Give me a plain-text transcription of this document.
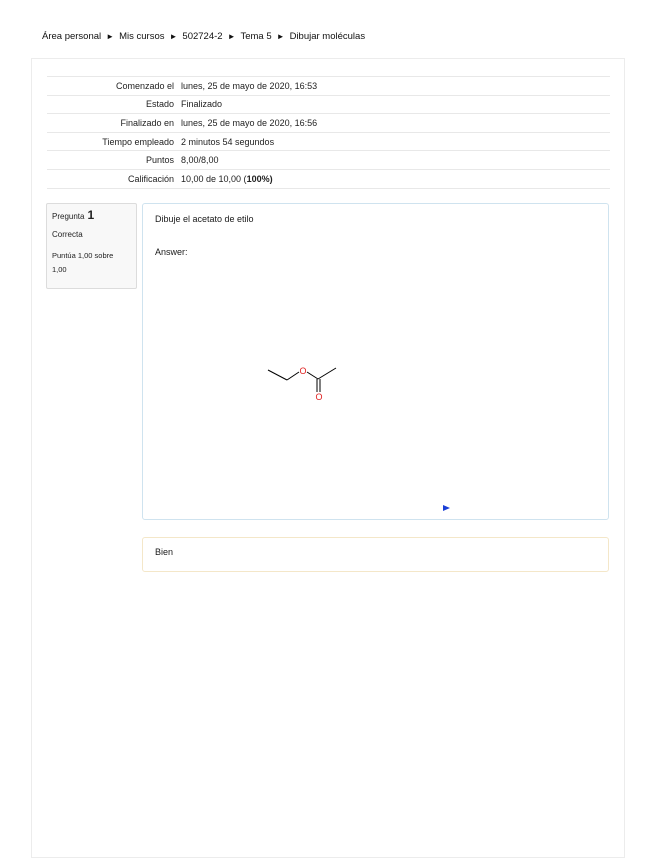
Área personal ► Mis cursos ► 502724-2 ► Tema 5 ► Dibujar moléculas
Comenzado el	lunes, 25 de mayo de 2020, 16:53
Estado	Finalizado
Finalizado en	lunes, 25 de mayo de 2020, 16:56
Tiempo empleado	2 minutos 54 segundos
Puntos	8,00/8,00
Calificación	10,00 de 10,00 (100%)
Pregunta 1
Correcta
Puntúa 1,00 sobre 1,00
Dibuje el acetato de etilo
Answer:
O
O
Bien
